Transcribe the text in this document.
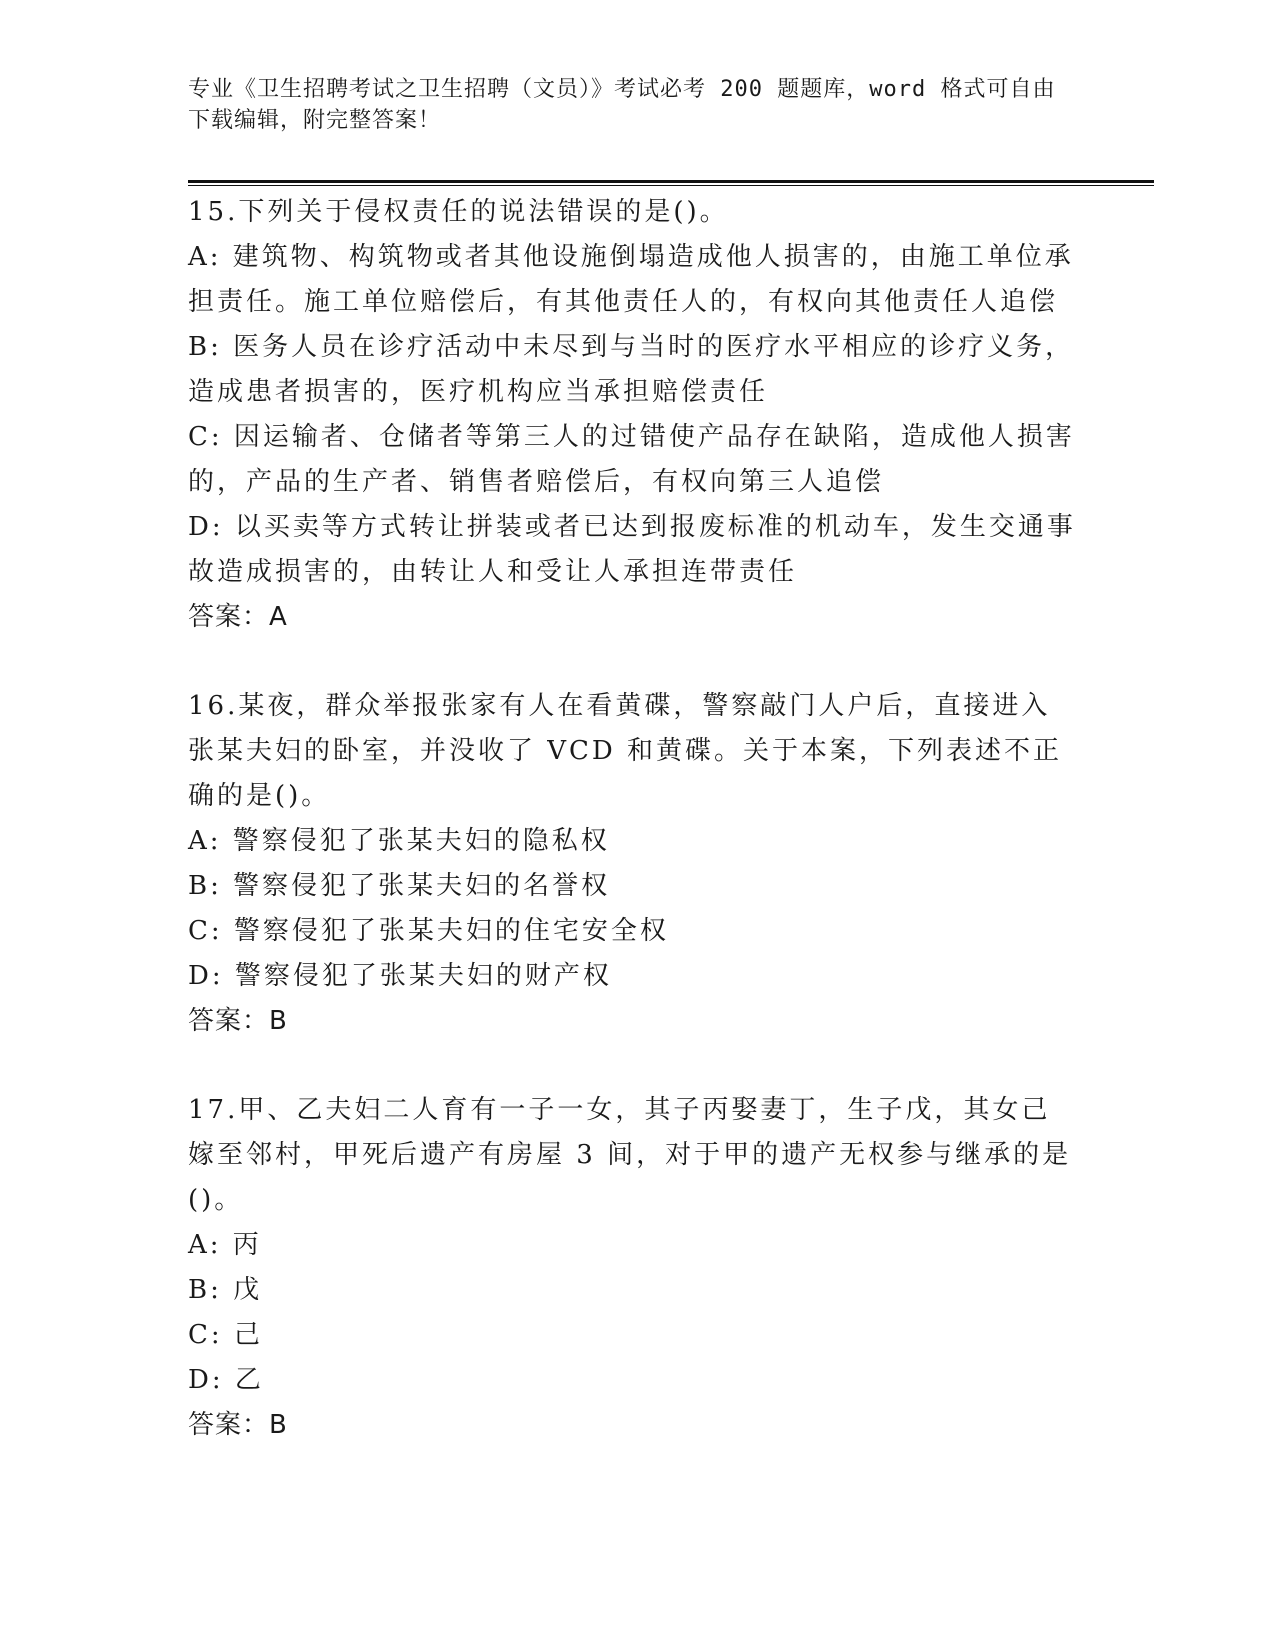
专业《卫生招聘考试之卫生招聘（文员）》考试必考 200 题题库，word 格式可自由下载编辑，附完整答案！
15.下列关于侵权责任的说法错误的是()。
A: 建筑物、构筑物或者其他设施倒塌造成他人损害的，由施工单位承担责任。施工单位赔偿后，有其他责任人的，有权向其他责任人追偿
B: 医务人员在诊疗活动中未尽到与当时的医疗水平相应的诊疗义务，造成患者损害的，医疗机构应当承担赔偿责任
C: 因运输者、仓储者等第三人的过错使产品存在缺陷，造成他人损害的，产品的生产者、销售者赔偿后，有权向第三人追偿
D: 以买卖等方式转让拼装或者已达到报废标准的机动车，发生交通事故造成损害的，由转让人和受让人承担连带责任
答案：A
16.某夜，群众举报张家有人在看黄碟，警察敲门人户后，直接进入张某夫妇的卧室，并没收了 VCD 和黄碟。关于本案，下列表述不正确的是()。
A: 警察侵犯了张某夫妇的隐私权
B: 警察侵犯了张某夫妇的名誉权
C: 警察侵犯了张某夫妇的住宅安全权
D: 警察侵犯了张某夫妇的财产权
答案：B
17.甲、乙夫妇二人育有一子一女，其子丙娶妻丁，生子戊，其女己嫁至邻村，甲死后遗产有房屋 3 间，对于甲的遗产无权参与继承的是()。
A: 丙
B: 戊
C: 己
D: 乙
答案：B
